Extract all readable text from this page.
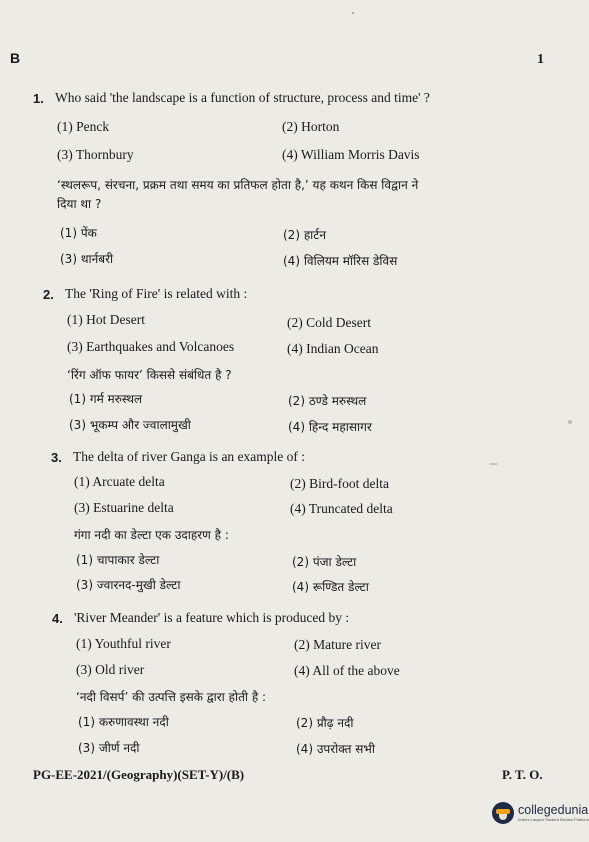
B	1
1. Who said 'the landscape is a function of structure, process and time' ?
(1) Penck	(2) Horton
(3) Thornbury	(4) William Morris Davis
‘स्थलरूप, संरचना, प्रक्रम तथा समय का प्रतिफल होता है,’ यह कथन किस विद्वान ने
दिया था ?
(1) पेंक	(2) हार्टन
(3) थार्नबरी	(4) विलियम मॉरिस डेविस
2. The 'Ring of Fire' is related with :
(1) Hot Desert	(2) Cold Desert
(3) Earthquakes and Volcanoes	(4) Indian Ocean
‘रिंग ऑफ फायर’ किससे संबंधित है ?
(1) गर्म मरुस्थल	(2) ठण्डे मरुस्थल
(3) भूकम्प और ज्वालामुखी	(4) हिन्द महासागर
3. The delta of river Ganga is an example of :
(1) Arcuate delta	(2) Bird-foot delta
(3) Estuarine delta	(4) Truncated delta
गंगा नदी का डेल्टा एक उदाहरण है :
(1) चापाकार डेल्टा	(2) पंजा डेल्टा
(3) ज्वारनद-मुखी डेल्टा	(4) रूण्डित डेल्टा
4. 'River Meander' is a feature which is produced by :
(1) Youthful river	(2) Mature river
(3) Old river	(4) All of the above
‘नदी विसर्प’ की उत्पत्ति इसके द्वारा होती है :
(1) करुणावस्था नदी	(2) प्रौढ़ नदी
(3) जीर्ण नदी	(4) उपरोक्त सभी
PG-EE-2021/(Geography)(SET-Y)/(B)	P. T. O.
collegedunia
India's Largest Student Review Platform
